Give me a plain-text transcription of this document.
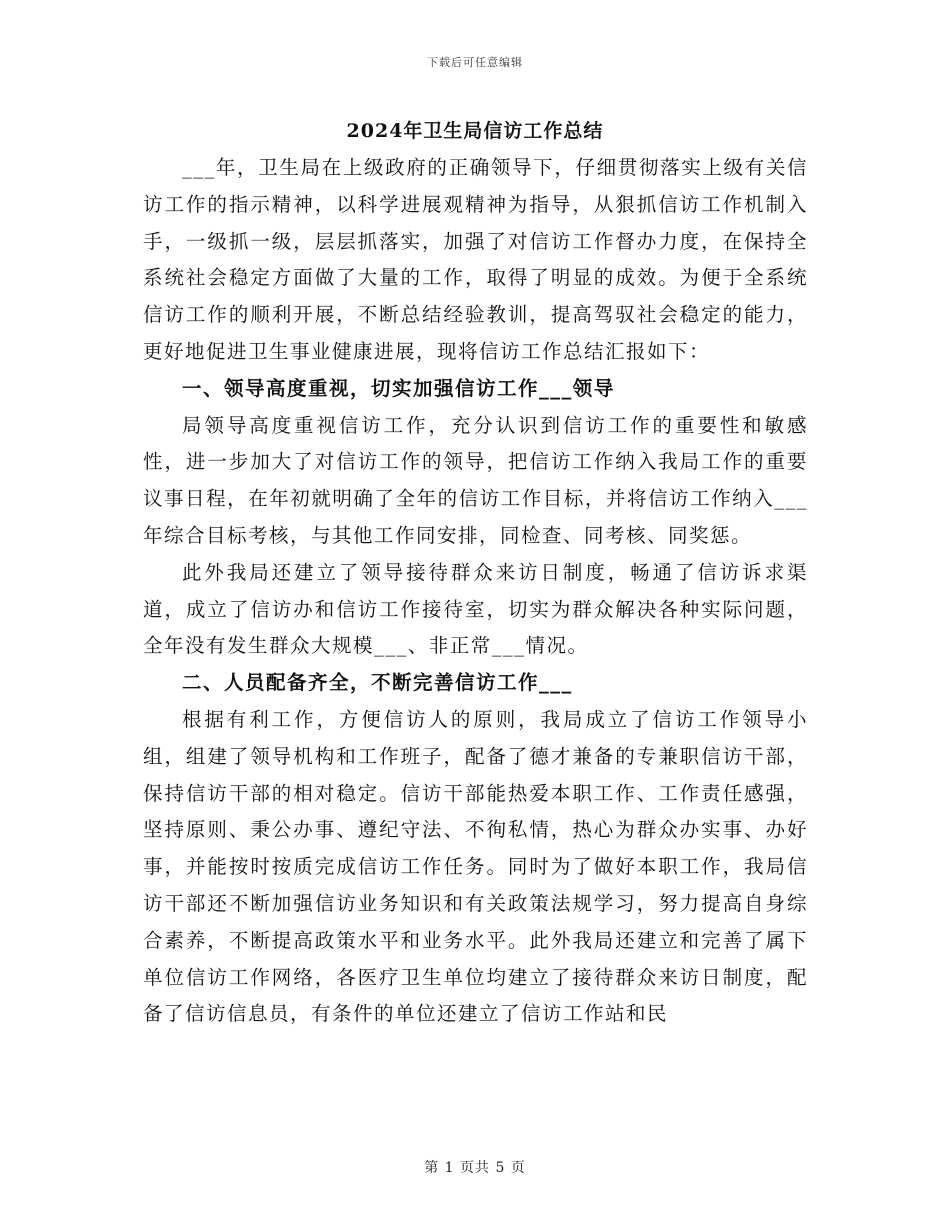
下载后可任意编辑
2024年卫生局信访工作总结

___年，卫生局在上级政府的正确领导下，仔细贯彻落实上级有关信访工作的指示精神，以科学进展观精神为指导，从狠抓信访工作机制入手，一级抓一级，层层抓落实，加强了对信访工作督办力度，在保持全系统社会稳定方面做了大量的工作，取得了明显的成效。为便于全系统信访工作的顺利开展，不断总结经验教训，提高驾驭社会稳定的能力，更好地促进卫生事业健康进展，现将信访工作总结汇报如下：

一、领导高度重视，切实加强信访工作___领导

局领导高度重视信访工作，充分认识到信访工作的重要性和敏感性，进一步加大了对信访工作的领导，把信访工作纳入我局工作的重要议事日程，在年初就明确了全年的信访工作目标，并将信访工作纳入___年综合目标考核，与其他工作同安排，同检查、同考核、同奖惩。

此外我局还建立了领导接待群众来访日制度，畅通了信访诉求渠道，成立了信访办和信访工作接待室，切实为群众解决各种实际问题，全年没有发生群众大规模___、非正常___情况。

二、人员配备齐全，不断完善信访工作___

根据有利工作，方便信访人的原则，我局成立了信访工作领导小组，组建了领导机构和工作班子，配备了德才兼备的专兼职信访干部，保持信访干部的相对稳定。信访干部能热爱本职工作、工作责任感强，坚持原则、秉公办事、遵纪守法、不徇私情，热心为群众办实事、办好事，并能按时按质完成信访工作任务。同时为了做好本职工作，我局信访干部还不断加强信访业务知识和有关政策法规学习，努力提高自身综合素养，不断提高政策水平和业务水平。此外我局还建立和完善了属下单位信访工作网络，各医疗卫生单位均建立了接待群众来访日制度，配备了信访信息员，有条件的单位还建立了信访工作站和民

第 1 页共 5 页
